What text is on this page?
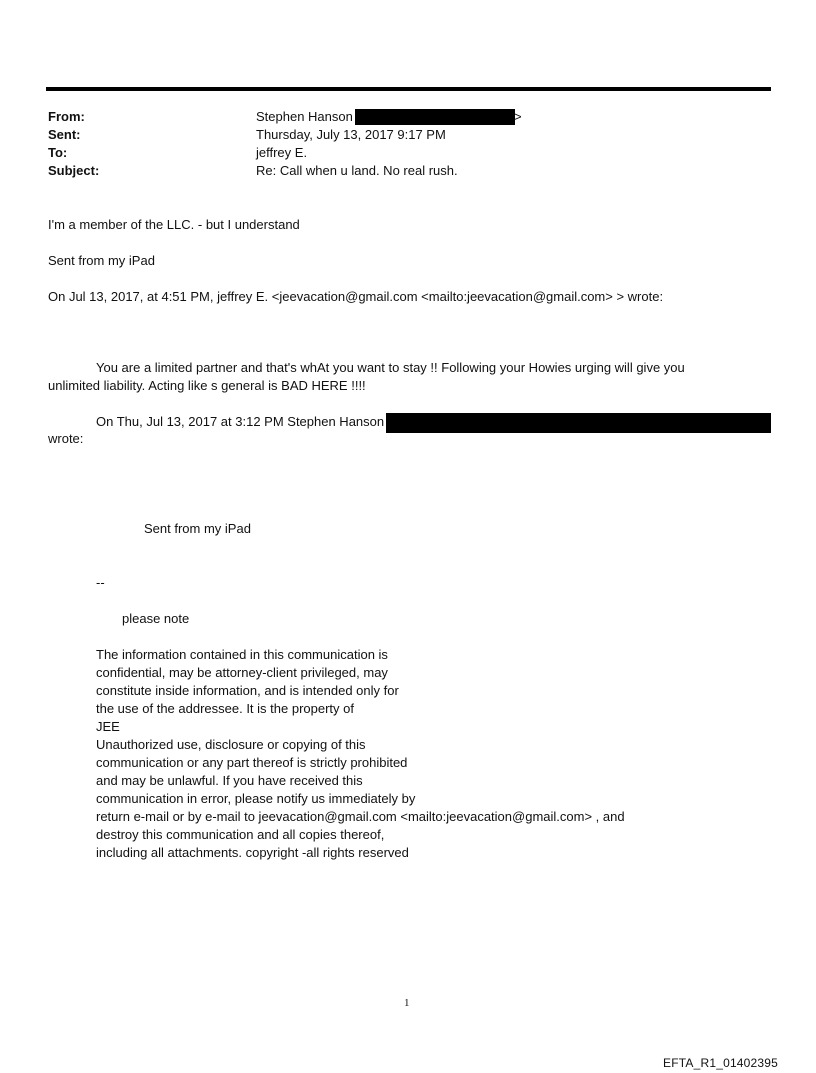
From:	Stephen Hanson	>
Sent:	Thursday, July 13, 2017 9:17 PM
To:	jeffrey E.
Subject:	Re: Call when u land. No real rush.
I'm a member of the LLC. - but I understand
Sent from my iPad
On Jul 13, 2017, at 4:51 PM, jeffrey E. <jeevacation@gmail.com <mailto:jeevacation@gmail.com> > wrote:
You are a limited partner and that's whAt you want to stay !! Following your Howies urging will give you
unlimited liability. Acting like s general is BAD HERE !!!!
On Thu, Jul 13, 2017 at 3:12 PM Stephen Hanson
wrote:
Sent from my iPad
--
please note
The information contained in this communication is
confidential, may be attorney-client privileged, may
constitute inside information, and is intended only for
the use of the addressee. It is the property of
JEE
Unauthorized use, disclosure or copying of this
communication or any part thereof is strictly prohibited
and may be unlawful. If you have received this
communication in error, please notify us immediately by
return e-mail or by e-mail to jeevacation@gmail.com <mailto:jeevacation@gmail.com> , and
destroy this communication and all copies thereof,
including all attachments. copyright -all rights reserved
1
EFTA_R1_01402395
